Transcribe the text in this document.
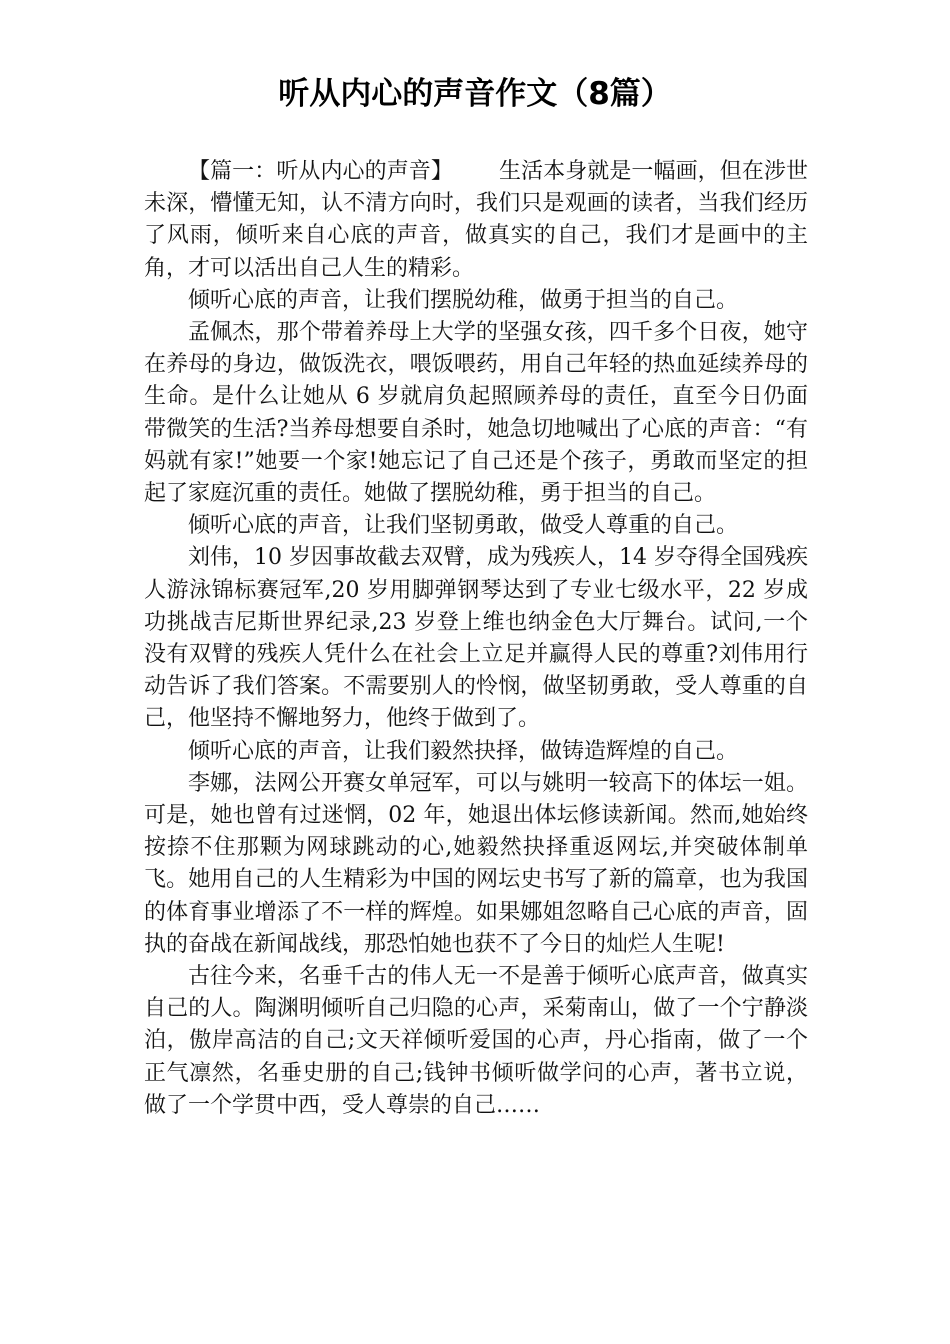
听从内心的声音作文（8篇）

【篇一：听从内心的声音】 生活本身就是一幅画，但在涉世未深，懵懂无知，认不清方向时，我们只是观画的读者，当我们经历了风雨，倾听来自心底的声音，做真实的自己，我们才是画中的主角，才可以活出自己人生的精彩。

倾听心底的声音，让我们摆脱幼稚，做勇于担当的自己。

孟佩杰，那个带着养母上大学的坚强女孩，四千多个日夜，她守在养母的身边，做饭洗衣，喂饭喂药，用自己年轻的热血延续养母的生命。是什么让她从 6 岁就肩负起照顾养母的责任，直至今日仍面带微笑的生活?当养母想要自杀时，她急切地喊出了心底的声音：“有妈就有家!”她要一个家!她忘记了自己还是个孩子，勇敢而坚定的担起了家庭沉重的责任。她做了摆脱幼稚，勇于担当的自己。

倾听心底的声音，让我们坚韧勇敢，做受人尊重的自己。

刘伟，10 岁因事故截去双臂，成为残疾人，14 岁夺得全国残疾人游泳锦标赛冠军,20 岁用脚弹钢琴达到了专业七级水平，22 岁成功挑战吉尼斯世界纪录,23 岁登上维也纳金色大厅舞台。试问,一个没有双臂的残疾人凭什么在社会上立足并赢得人民的尊重?刘伟用行动告诉了我们答案。不需要别人的怜悯，做坚韧勇敢，受人尊重的自己，他坚持不懈地努力，他终于做到了。

倾听心底的声音，让我们毅然抉择，做铸造辉煌的自己。

李娜，法网公开赛女单冠军，可以与姚明一较高下的体坛一姐。可是，她也曾有过迷惘，02 年，她退出体坛修读新闻。然而,她始终按捺不住那颗为网球跳动的心,她毅然抉择重返网坛,并突破体制单飞。她用自己的人生精彩为中国的网坛史书写了新的篇章，也为我国的体育事业增添了不一样的辉煌。如果娜姐忽略自己心底的声音，固执的奋战在新闻战线，那恐怕她也获不了今日的灿烂人生呢!

古往今来，名垂千古的伟人无一不是善于倾听心底声音，做真实自己的人。陶渊明倾听自己归隐的心声，采菊南山，做了一个宁静淡泊，傲岸高洁的自己;文天祥倾听爱国的心声，丹心指南，做了一个正气凛然，名垂史册的自己;钱钟书倾听做学问的心声，著书立说，做了一个学贯中西，受人尊崇的自己……
